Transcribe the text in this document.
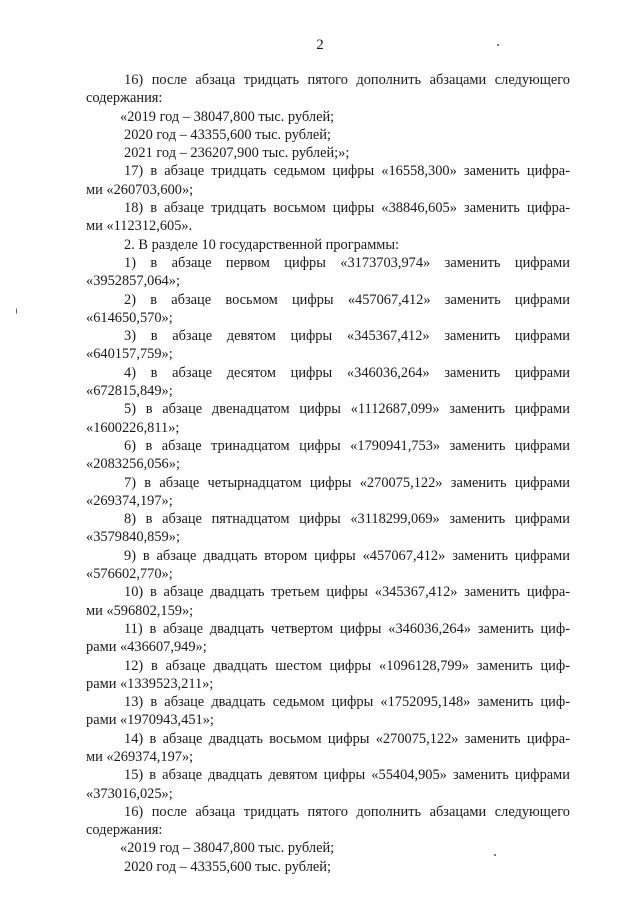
2
16) после абзаца тридцать пятого дополнить абзацами следующего
содержания:
«2019 год – 38047,800 тыс. рублей;
2020 год – 43355,600 тыс. рублей;
2021 год – 236207,900 тыс. рублей;»;
17) в абзаце тридцать седьмом цифры «16558,300» заменить цифра-
ми «260703,600»;
18) в абзаце тридцать восьмом цифры «38846,605» заменить цифра-
ми «112312,605».
2. В разделе 10 государственной программы:
1) в абзаце первом цифры «3173703,974» заменить цифрами
«3952857,064»;
2) в абзаце восьмом цифры «457067,412» заменить цифрами
«614650,570»;
3) в абзаце девятом цифры «345367,412» заменить цифрами
«640157,759»;
4) в абзаце десятом цифры «346036,264» заменить цифрами
«672815,849»;
5) в абзаце двенадцатом цифры «1112687,099» заменить цифрами
«1600226,811»;
6) в абзаце тринадцатом цифры «1790941,753» заменить цифрами
«2083256,056»;
7) в абзаце четырнадцатом цифры «270075,122» заменить цифрами
«269374,197»;
8) в абзаце пятнадцатом цифры «3118299,069» заменить цифрами
«3579840,859»;
9) в абзаце двадцать втором цифры «457067,412» заменить цифрами
«576602,770»;
10) в абзаце двадцать третьем цифры «345367,412» заменить цифра-
ми «596802,159»;
11) в абзаце двадцать четвертом цифры «346036,264» заменить циф-
рами «436607,949»;
12) в абзаце двадцать шестом цифры «1096128,799» заменить циф-
рами «1339523,211»;
13) в абзаце двадцать седьмом цифры «1752095,148» заменить циф-
рами «1970943,451»;
14) в абзаце двадцать восьмом цифры «270075,122» заменить цифра-
ми «269374,197»;
15) в абзаце двадцать девятом цифры «55404,905» заменить цифрами
«373016,025»;
16) после абзаца тридцать пятого дополнить абзацами следующего
содержания:
«2019 год – 38047,800 тыс. рублей;
2020 год – 43355,600 тыс. рублей;
